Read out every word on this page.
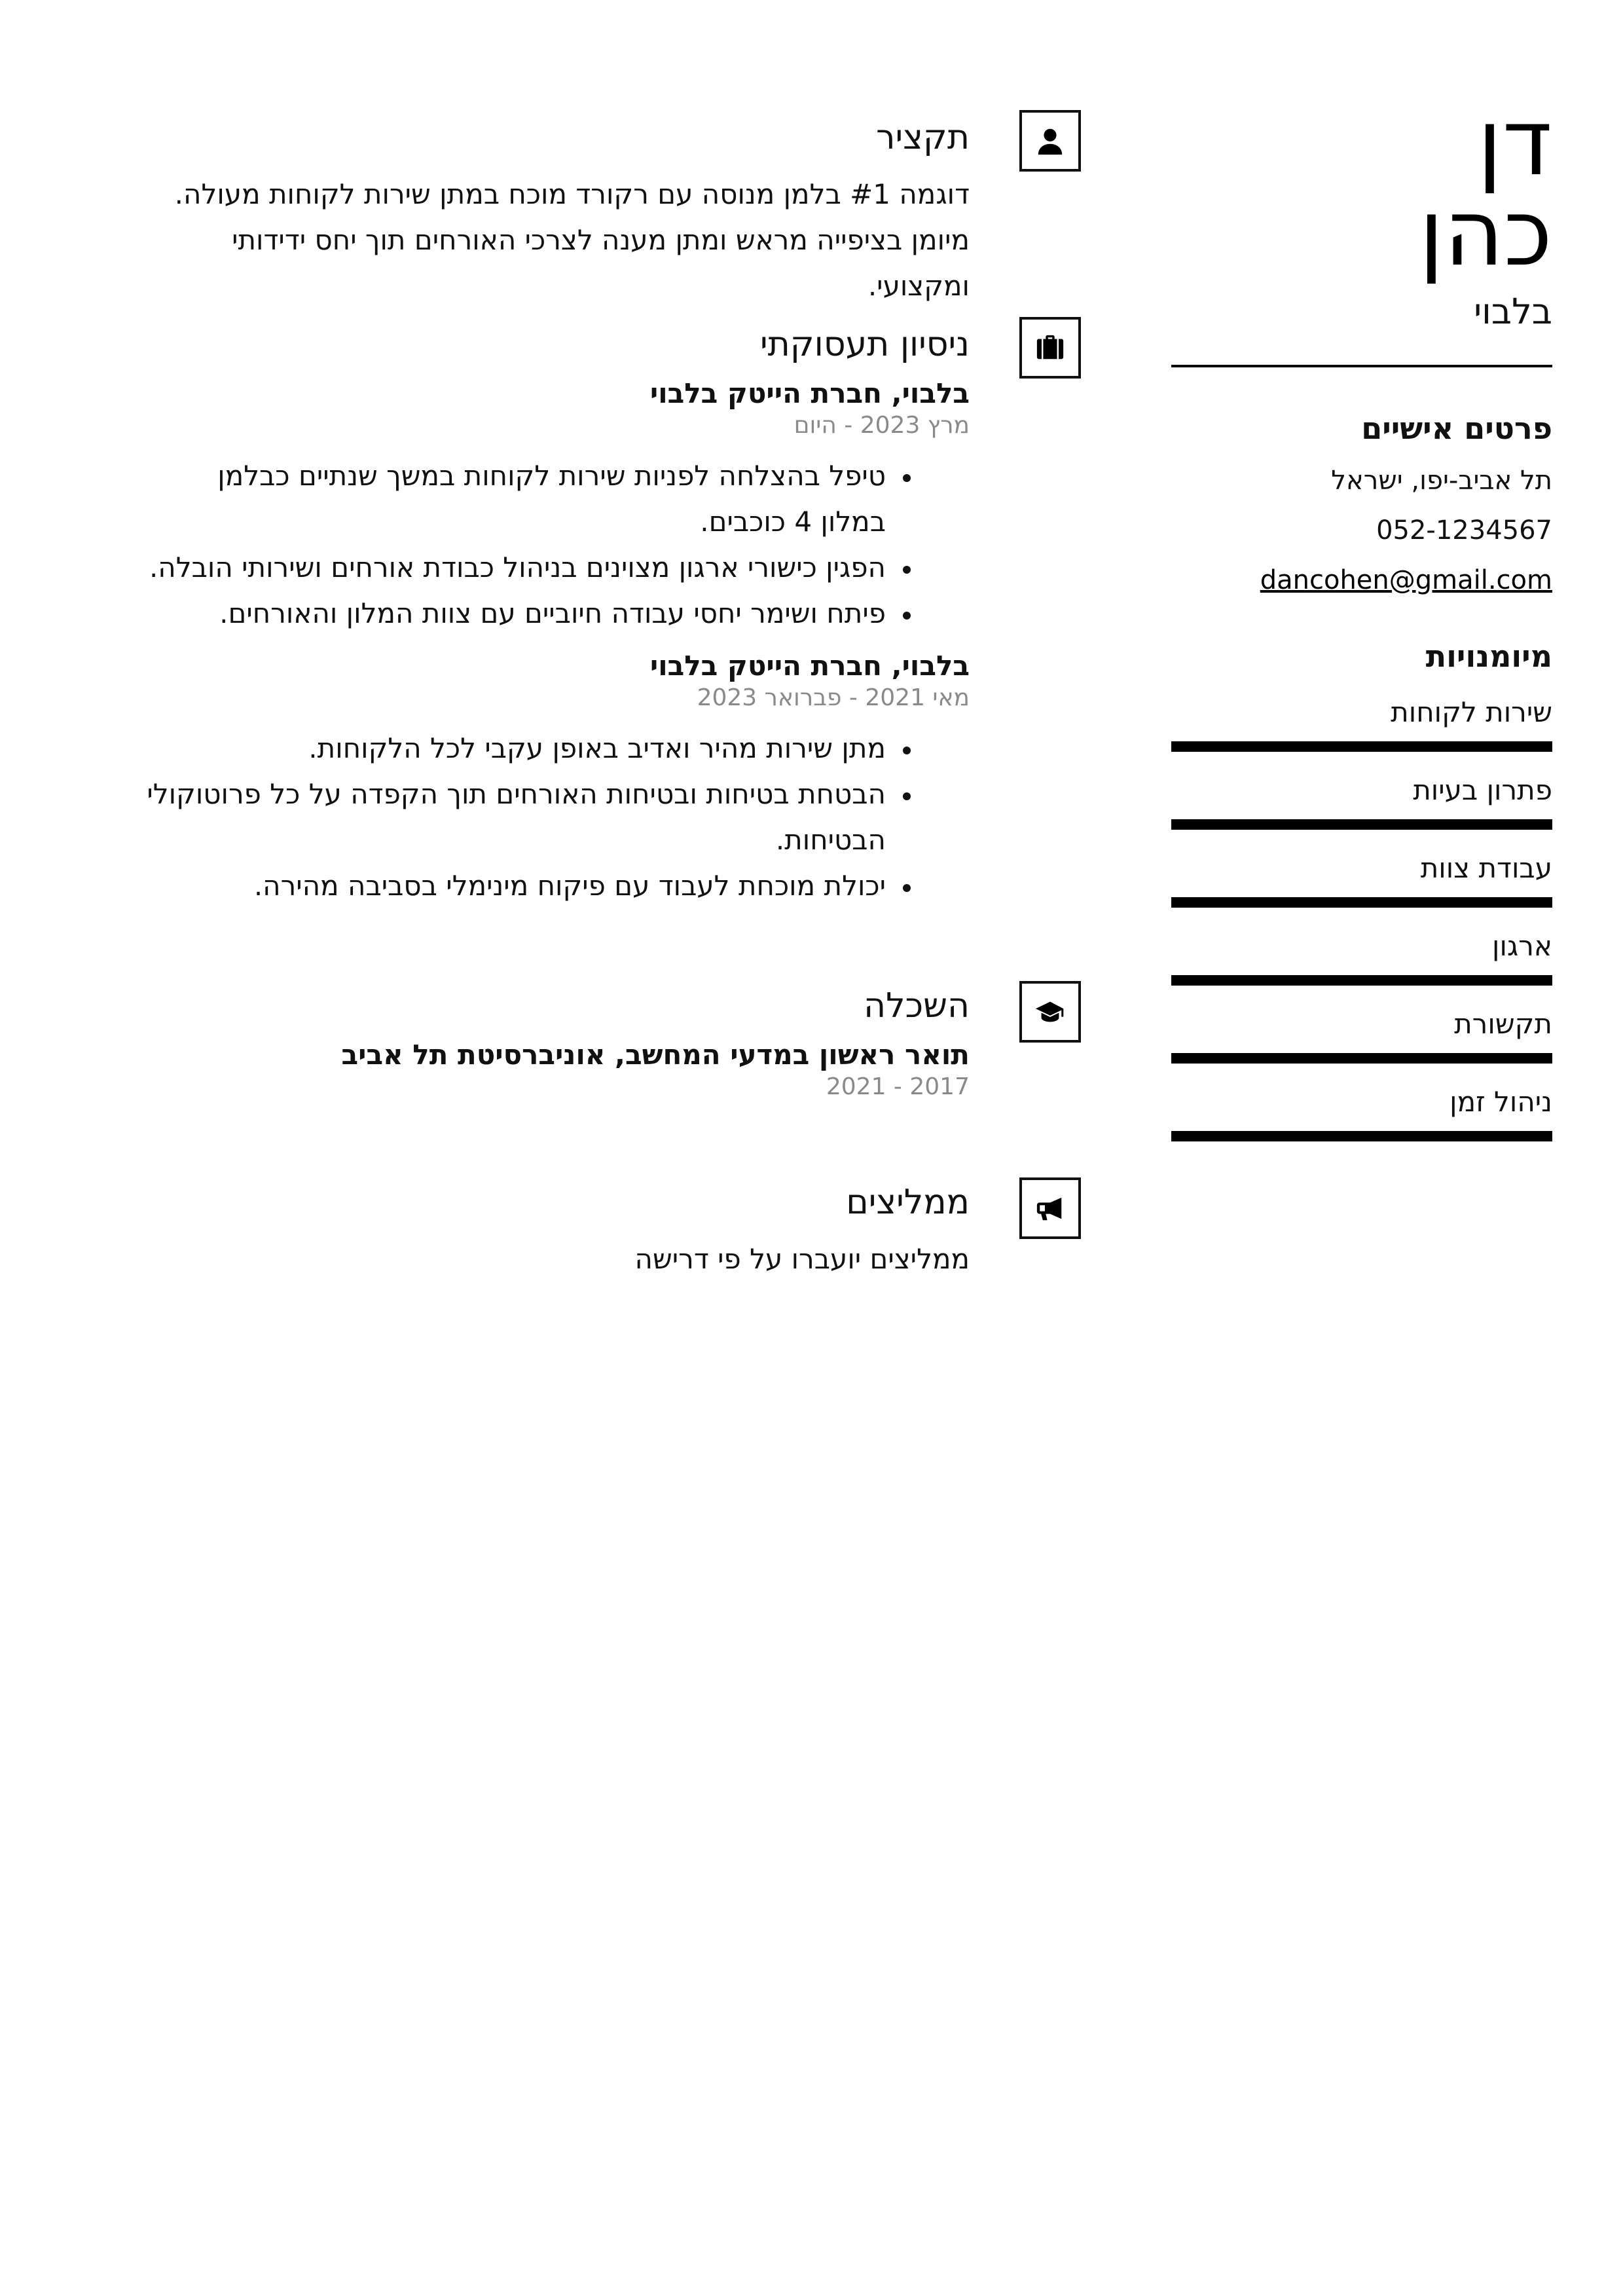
דן
כהן
בלבוי
פרטים אישיים
תל אביב-יפו, ישראל
052-1234567
dancohen@gmail.com
מיומנויות
שירות לקוחות
פתרון בעיות
עבודת צוות
ארגון
תקשורת
ניהול זמן
תקציר
דוגמה #1 בלמן מנוסה עם רקורד מוכח במתן שירות לקוחות מעולה. מיומן בציפייה מראש ומתן מענה לצרכי האורחים תוך יחס ידידותי ומקצועי.
ניסיון תעסוקתי
בלבוי, חברת הייטק בלבוי
מרץ 2023 - היום
• טיפל בהצלחה לפניות שירות לקוחות במשך שנתיים כבלמן במלון 4 כוכבים.
• הפגין כישורי ארגון מצוינים בניהול כבודת אורחים ושירותי הובלה.
• פיתח ושימר יחסי עבודה חיוביים עם צוות המלון והאורחים.
בלבוי, חברת הייטק בלבוי
מאי 2021 - פברואר 2023
• מתן שירות מהיר ואדיב באופן עקבי לכל הלקוחות.
• הבטחת בטיחות ובטיחות האורחים תוך הקפדה על כל פרוטוקולי הבטיחות.
• יכולת מוכחת לעבוד עם פיקוח מינימלי בסביבה מהירה.
השכלה
תואר ראשון במדעי המחשב, אוניברסיטת תל אביב
2017 - 2021
ממליצים
ממליצים יועברו על פי דרישה
